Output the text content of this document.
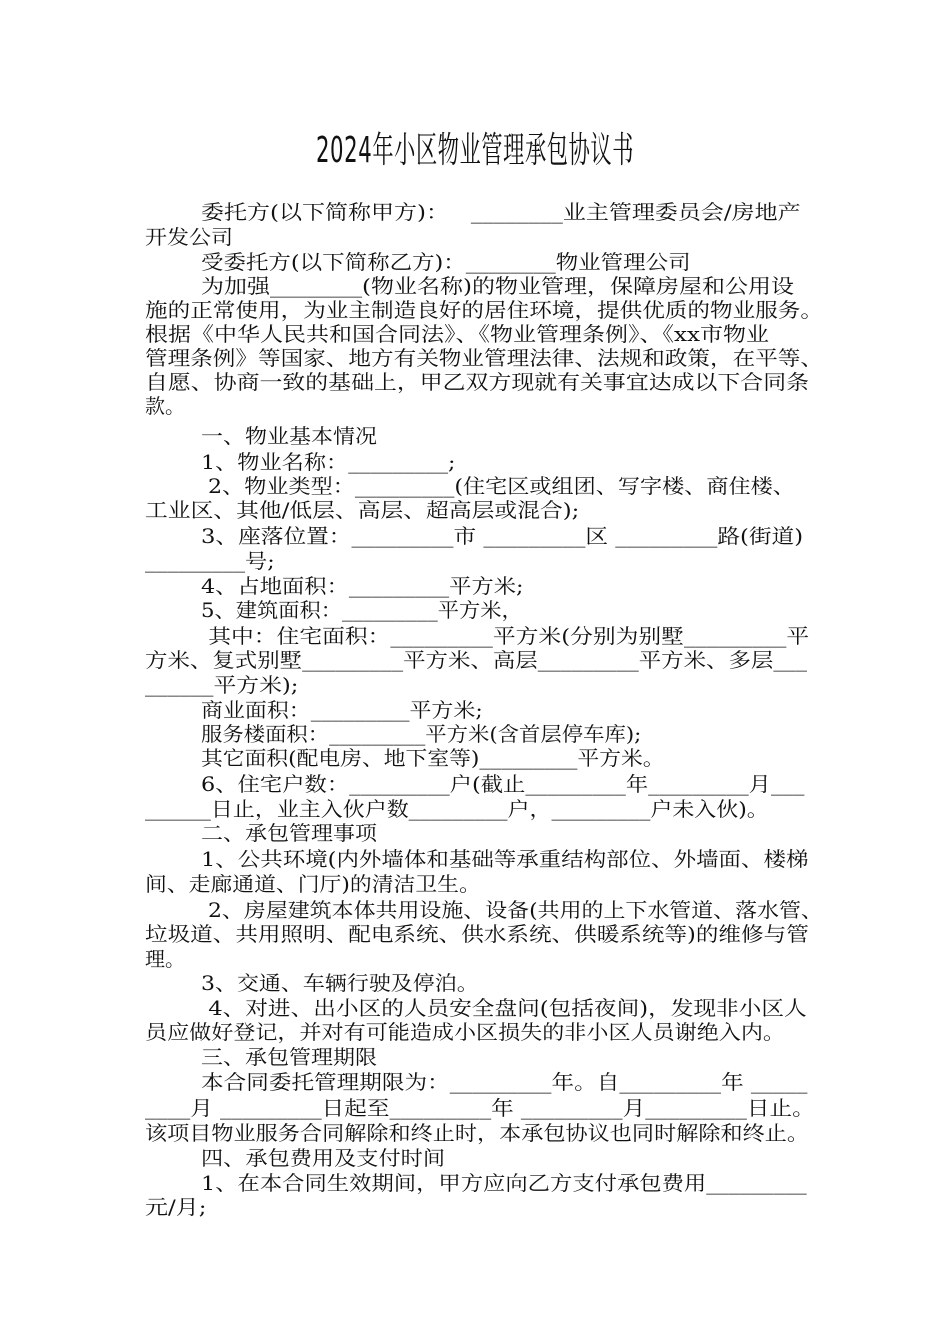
2024年小区物业管理承包协议书
委托方(以下简称甲方)：   ________业主管理委员会/房地产
开发公司
受委托方(以下简称乙方)：________物业管理公司
为加强________(物业名称)的物业管理，保障房屋和公用设
施的正常使用，为业主制造良好的居住环境，提供优质的物业服务。
根据《中华人民共和国合同法》、《物业管理条例》、《xx市物业
管理条例》等国家、地方有关物业管理法律、法规和政策，在平等、
自愿、协商一致的基础上，甲乙双方现就有关事宜达成以下合同条
款。
一、物业基本情况
1、物业名称：_________;
2、物业类型：_________(住宅区或组团、写字楼、商住楼、
工业区、其他/低层、高层、超高层或混合);
3、座落位置：_________市 _________区 _________路(街道)
_________号;
4、占地面积：_________平方米;
5、建筑面积：_________平方米，
其中：住宅面积：_________平方米(分别为别墅_________平
方米、复式别墅_________平方米、高层_________平方米、多层___
______平方米);
商业面积：_________平方米;
服务楼面积：_________平方米(含首层停车库);
其它面积(配电房、地下室等)_________平方米。
6、住宅户数：_________户(截止_________年_________月___
______日止，业主入伙户数_________户，_________户未入伙)。
二、承包管理事项
1、公共环境(内外墙体和基础等承重结构部位、外墙面、楼梯
间、走廊通道、门厅)的清洁卫生。
2、房屋建筑本体共用设施、设备(共用的上下水管道、落水管、
垃圾道、共用照明、配电系统、供水系统、供暖系统等)的维修与管
理。
3、交通、车辆行驶及停泊。
4、对进、出小区的人员安全盘问(包括夜间)，发现非小区人
员应做好登记，并对有可能造成小区损失的非小区人员谢绝入内。
三、承包管理期限
本合同委托管理期限为：_________年。自_________年 _____
____月 _________日起至_________年 _________月_________日止。
该项目物业服务合同解除和终止时，本承包协议也同时解除和终止。
四、承包费用及支付时间
1、在本合同生效期间，甲方应向乙方支付承包费用_________
元/月;
